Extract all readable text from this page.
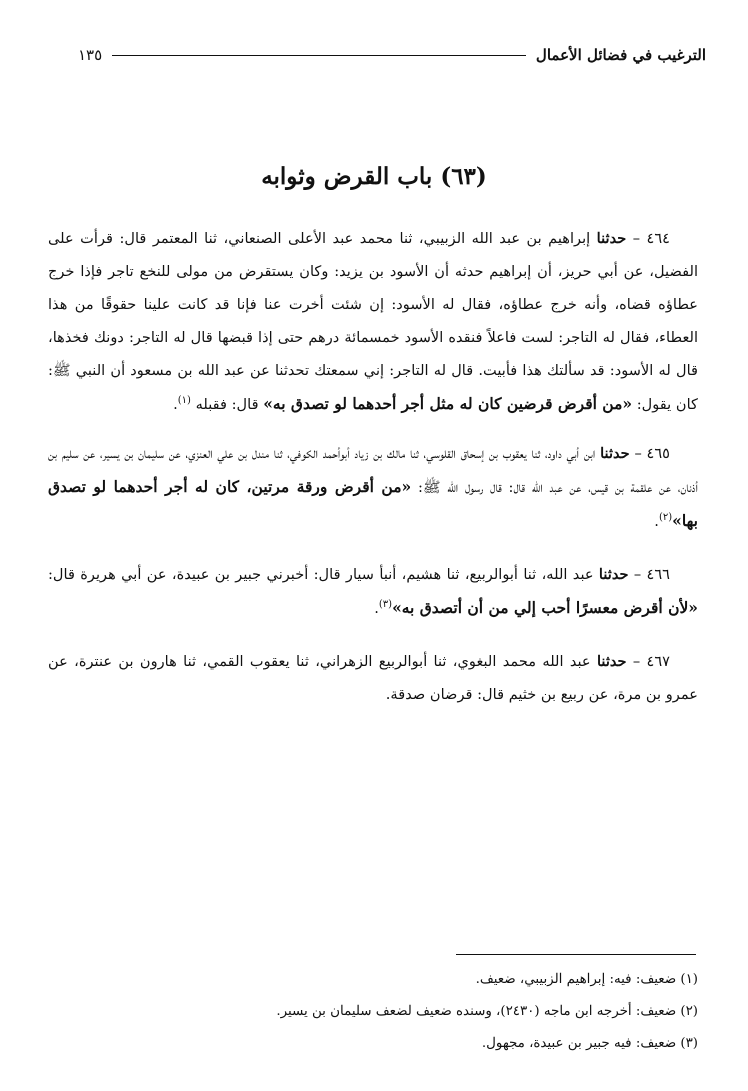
الترغيب في فضائل الأعمال
١٣٥
(٦٣) باب القرض وثوابه

٤٦٤ – حدثنا إبراهيم بن عبد الله الزبيبي، ثنا محمد عبد الأعلى الصنعاني، ثنا المعتمر قال: قرأت على الفضيل، عن أبي حريز، أن إبراهيم حدثه أن الأسود بن يزيد: وكان يستقرض من مولى للنخع تاجر فإذا خرج عطاؤه قضاه، وأنه خرج عطاؤه، فقال له الأسود: إن شئت أخرت عنا فإنا قد كانت علينا حقوقًا من هذا العطاء، فقال له التاجر: لست فاعلاً فنقده الأسود خمسمائة درهم حتى إذا قبضها قال له التاجر: دونك فخذها، قال له الأسود: قد سألتك هذا فأبيت. قال له التاجر: إني سمعتك تحدثنا عن عبد الله بن مسعود أن النبي ﷺ: كان يقول: «من أقرض قرضين كان له مثل أجر أحدهما لو تصدق به» قال: فقبله $^{(١)}$.

٤٦٥ – حدثنا ابن أبي داود، ثنا يعقوب بن إسحاق القلوسي، ثنا مالك بن زياد أبوأحمد الكوفي، ثنا مندل بن علي العنزي، عن سليمان بن يسير، عن سليم بن أذنان، عن علقمة بن قيس، عن عبد الله قال: قال رسول الله ﷺ: «من أقرض ورقة مرتين، كان له أجر أحدهما لو تصدق بها»$^{(٢)}$.

٤٦٦ – حدثنا عبد الله، ثنا أبوالربيع، ثنا هشيم، أنبأ سيار قال: أخبرني جبير بن عبيدة، عن أبي هريرة قال: «لأن أقرض معسرًا أحب إلي من أن أتصدق به»$^{(٣)}$.

٤٦٧ – حدثنا عبد الله محمد البغوي، ثنا أبوالربيع الزهراني، ثنا يعقوب القمي، ثنا هارون بن عنترة، عن عمرو بن مرة، عن ربيع بن خثيم قال: قرضان صدقة.

(١) ضعيف: فيه: إبراهيم الزبيبي، ضعيف.
(٢) ضعيف: أخرجه ابن ماجه (٢٤٣٠)، وسنده ضعيف لضعف سليمان بن يسير.
(٣) ضعيف: فيه جبير بن عبيدة، مجهول.
